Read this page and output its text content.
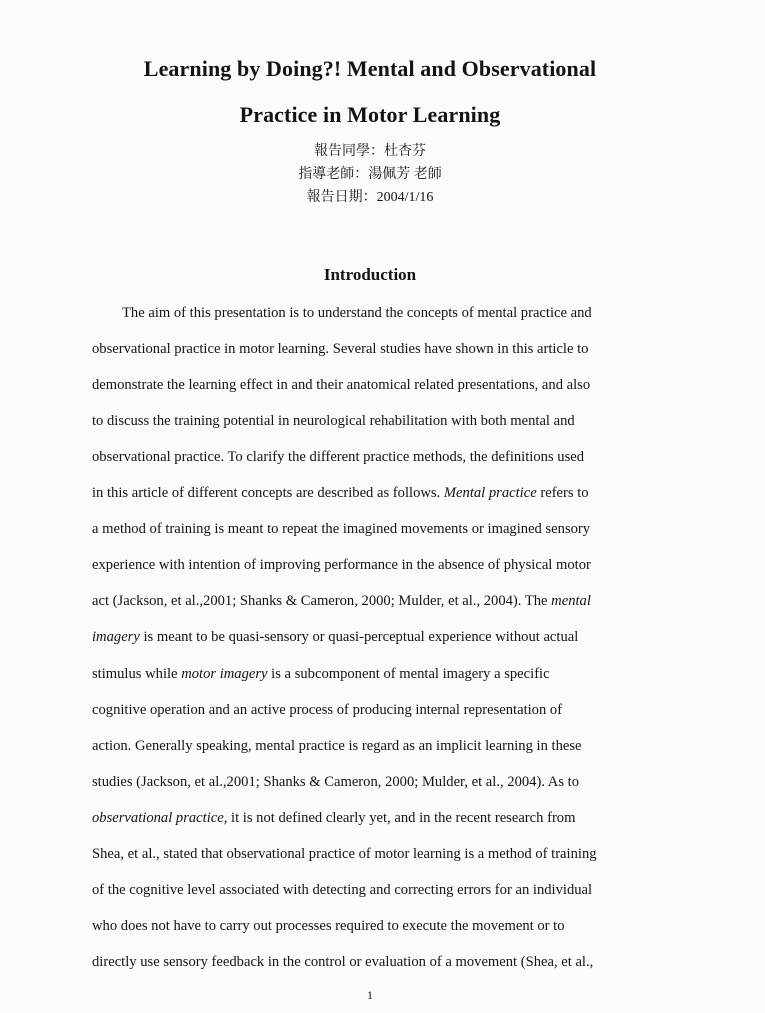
Learning by Doing?! Mental and Observational
Practice in Motor Learning
報告同學：杜杏芬
指導老師：湯佩芳 老師
報告日期：2004/1/16
Introduction
The aim of this presentation is to understand the concepts of mental practice and
observational practice in motor learning. Several studies have shown in this article to
demonstrate the learning effect in and their anatomical related presentations, and also
to discuss the training potential in neurological rehabilitation with both mental and
observational practice. To clarify the different practice methods, the definitions used
in this article of different concepts are described as follows. Mental practice refers to
a method of training is meant to repeat the imagined movements or imagined sensory
experience with intention of improving performance in the absence of physical motor
act (Jackson, et al.,2001; Shanks & Cameron, 2000; Mulder, et al., 2004). The mental
imagery is meant to be quasi-sensory or quasi-perceptual experience without actual
stimulus while motor imagery is a subcomponent of mental imagery a specific
cognitive operation and an active process of producing internal representation of
action. Generally speaking, mental practice is regard as an implicit learning in these
studies (Jackson, et al.,2001; Shanks & Cameron, 2000; Mulder, et al., 2004). As to
observational practice, it is not defined clearly yet, and in the recent research from
Shea, et al., stated that observational practice of motor learning is a method of training
of the cognitive level associated with detecting and correcting errors for an individual
who does not have to carry out processes required to execute the movement or to
directly use sensory feedback in the control or evaluation of a movement (Shea, et al.,
1
